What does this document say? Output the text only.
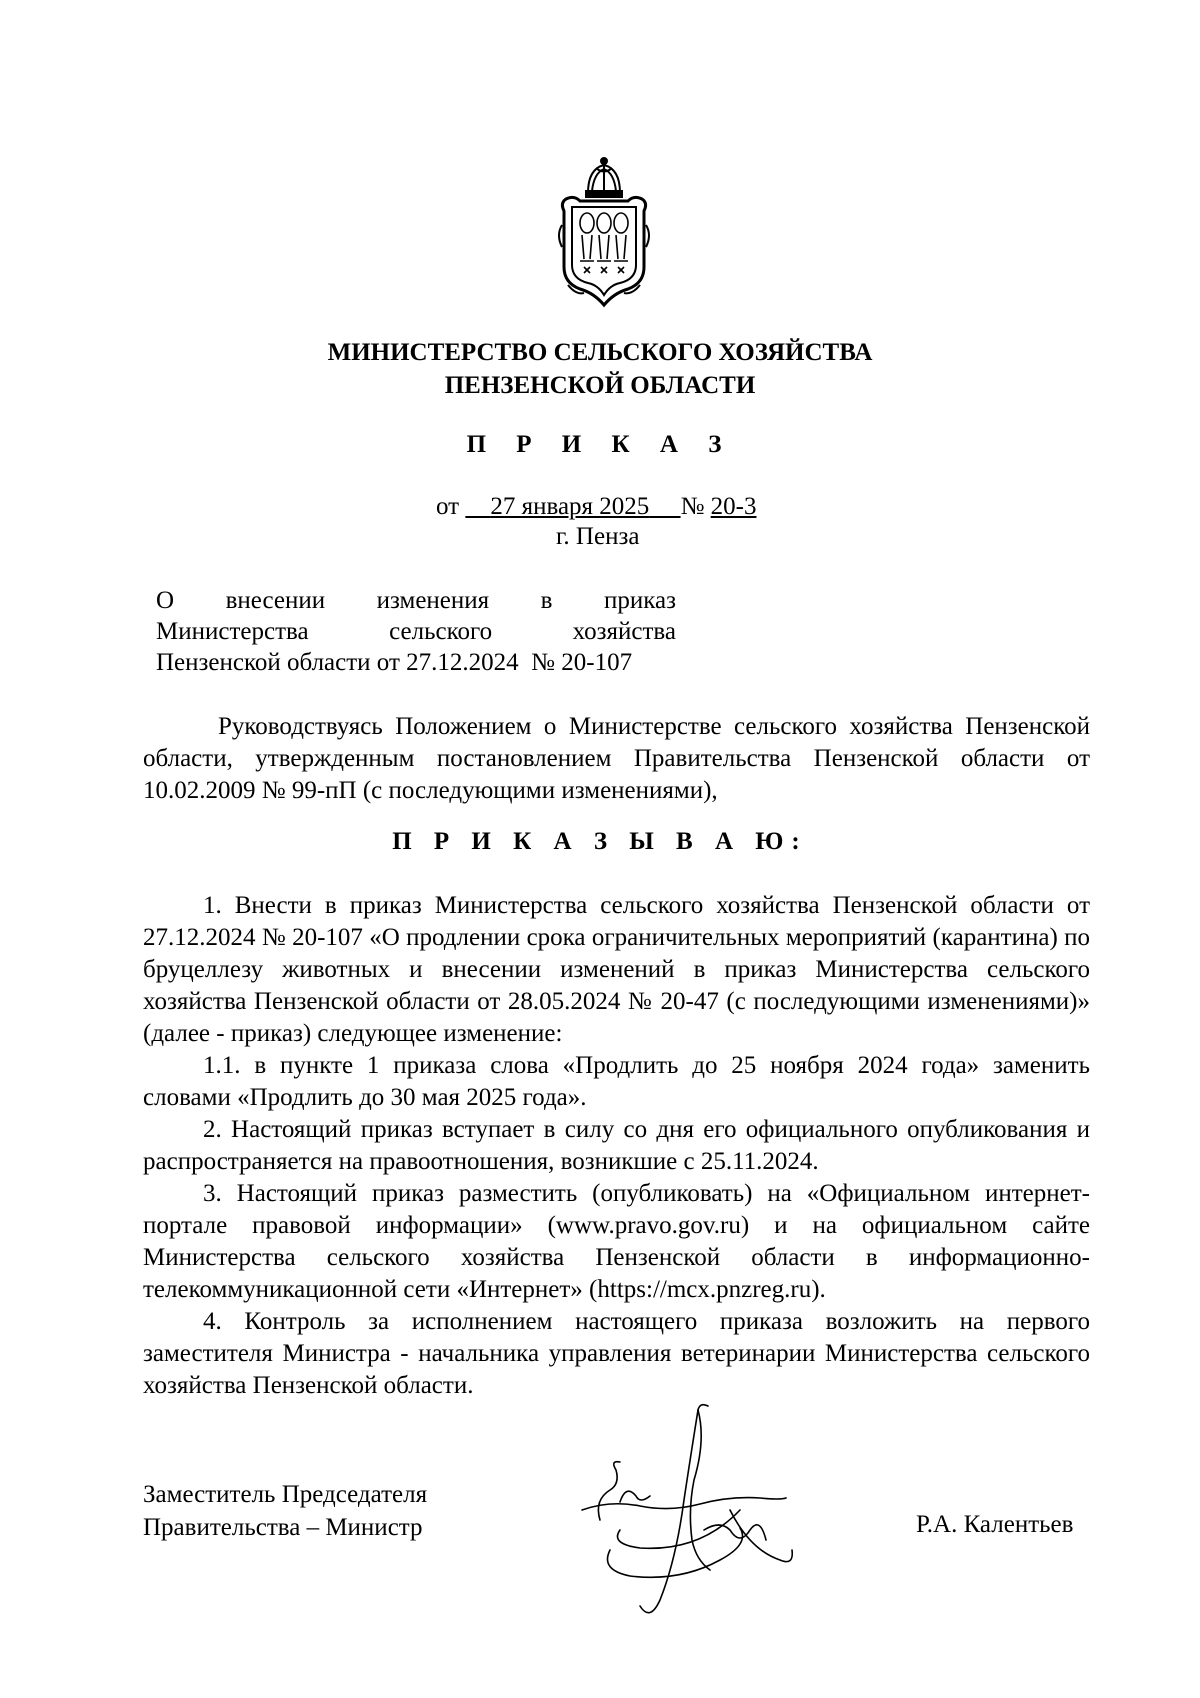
МИНИСТЕРСТВО СЕЛЬСКОГО ХОЗЯЙСТВА
ПЕНЗЕНСКОЙ ОБЛАСТИ
П Р И К А З
от 27 января 2025 № 20-3
г. Пенза
О внесении изменения в приказ
Министерства сельского хозяйства
Пензенской области от 27.12.2024  № 20-107
Руководствуясь Положением о Министерстве сельского хозяйства Пензенской области, утвержденным постановлением Правительства Пензенской области от 10.02.2009 № 99-пП (с последующими изменениями),
П Р И К А З Ы В А Ю:

1. Внести в приказ Министерства сельского хозяйства Пензенской области от 27.12.2024 № 20-107 «О продлении срока ограничительных мероприятий (карантина) по бруцеллезу животных и внесении изменений в приказ Министерства сельского хозяйства Пензенской области от 28.05.2024 № 20-47 (с последующими изменениями)» (далее - приказ) следующее изменение:

1.1. в пункте 1 приказа слова «Продлить до 25 ноября 2024 года» заменить словами «Продлить до 30 мая 2025 года».

2. Настоящий приказ вступает в силу со дня его официального опубликования и распространяется на правоотношения, возникшие с 25.11.2024.

3. Настоящий приказ разместить (опубликовать) на «Официальном интернет-портале правовой информации» (www.pravo.gov.ru) и на официальном сайте Министерства сельского хозяйства Пензенской области в информационно-телекоммуникационной сети «Интернет» (https://mcx.pnzreg.ru).

4. Контроль за исполнением настоящего приказа возложить на первого заместителя Министра - начальника управления ветеринарии Министерства сельского хозяйства Пензенской области.

Заместитель Председателя
Правительства – Министр	Р.А. Калентьев
